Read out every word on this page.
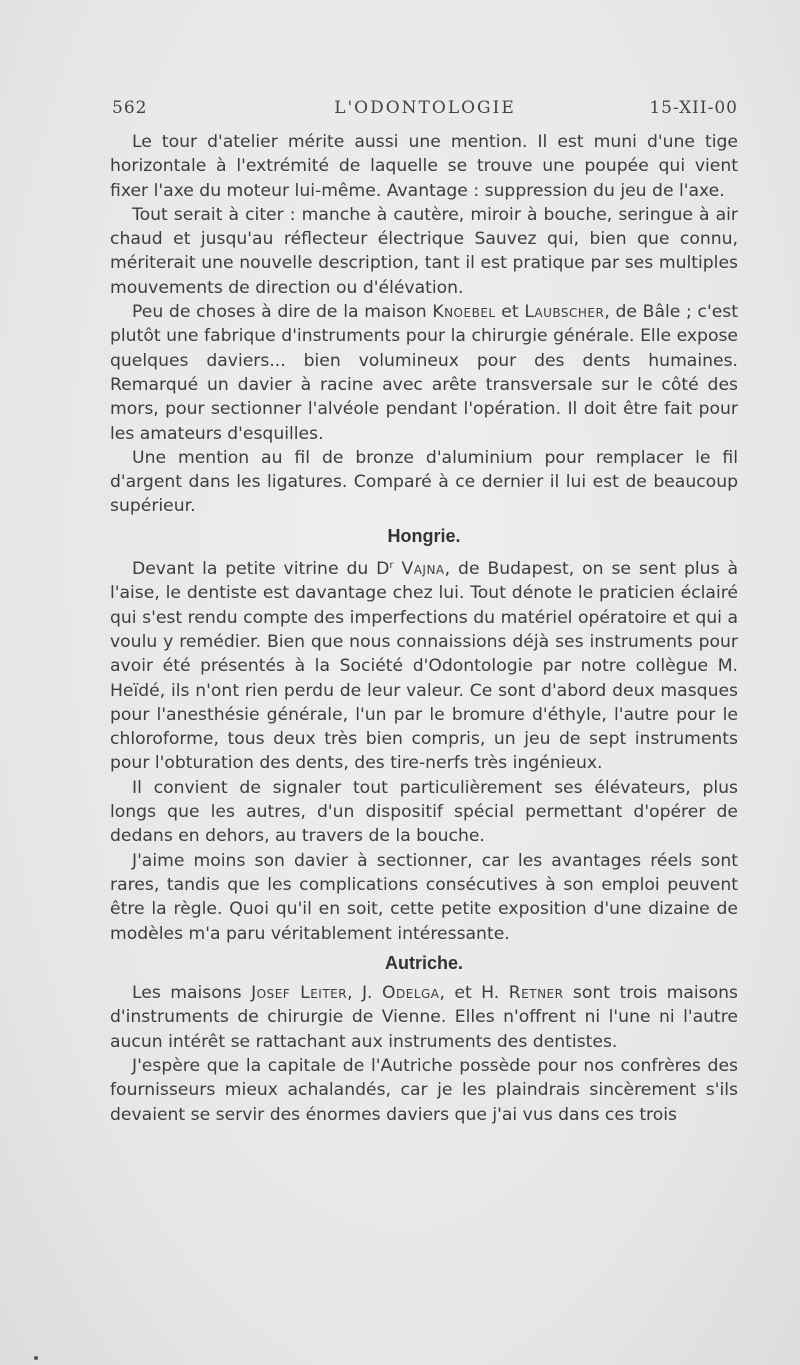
562	L'ODONTOLOGIE	15-XII-00

Le tour d'atelier mérite aussi une mention. Il est muni d'une tige horizontale à l'extrémité de laquelle se trouve une poupée qui vient fixer l'axe du moteur lui-même. Avantage : suppression du jeu de l'axe.

Tout serait à citer : manche à cautère, miroir à bouche, seringue à air chaud et jusqu'au réflecteur électrique Sauvez qui, bien que connu, mériterait une nouvelle description, tant il est pratique par ses multiples mouvements de direction ou d'élévation.

Peu de choses à dire de la maison Knoebel et Laubscher, de Bâle ; c'est plutôt une fabrique d'instruments pour la chirurgie générale. Elle expose quelques daviers... bien volumineux pour des dents humaines. Remarqué un davier à racine avec arête transversale sur le côté des mors, pour sectionner l'alvéole pendant l'opération. Il doit être fait pour les amateurs d'esquilles.

Une mention au fil de bronze d'aluminium pour remplacer le fil d'argent dans les ligatures. Comparé à ce dernier il lui est de beaucoup supérieur.

Hongrie.

Devant la petite vitrine du $D^r$ Vajna, de Budapest, on se sent plus à l'aise, le dentiste est davantage chez lui. Tout dénote le praticien éclairé qui s'est rendu compte des imperfections du matériel opératoire et qui a voulu y remédier. Bien que nous connaissions déjà ses instruments pour avoir été présentés à la Société d'Odontologie par notre collègue M. Heïdé, ils n'ont rien perdu de leur valeur. Ce sont d'abord deux masques pour l'anesthésie générale, l'un par le bromure d'éthyle, l'autre pour le chloroforme, tous deux très bien compris, un jeu de sept instruments pour l'obturation des dents, des tire-nerfs très ingénieux.

Il convient de signaler tout particulièrement ses élévateurs, plus longs que les autres, d'un dispositif spécial permettant d'opérer de dedans en dehors, au travers de la bouche.

J'aime moins son davier à sectionner, car les avantages réels sont rares, tandis que les complications consécutives à son emploi peuvent être la règle. Quoi qu'il en soit, cette petite exposition d'une dizaine de modèles m'a paru véritablement intéressante.

Autriche.

Les maisons Josef Leiter, J. Odelga, et H. Retner sont trois maisons d'instruments de chirurgie de Vienne. Elles n'offrent ni l'une ni l'autre aucun intérêt se rattachant aux instruments des dentistes.

J'espère que la capitale de l'Autriche possède pour nos confrères des fournisseurs mieux achalandés, car je les plaindrais sincèrement s'ils devaient se servir des énormes daviers que j'ai vus dans ces trois
